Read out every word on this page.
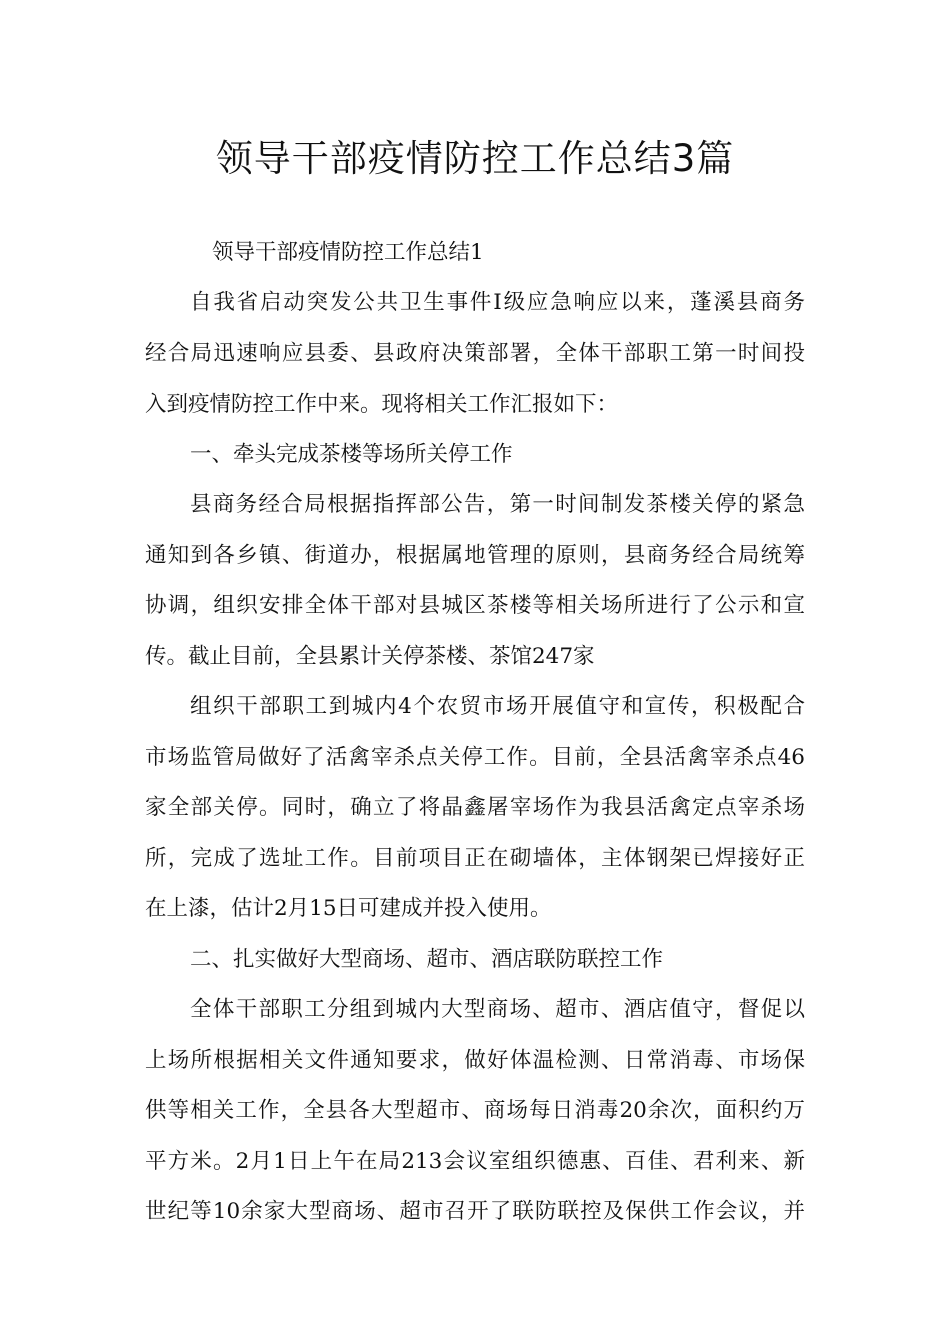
领导干部疫情防控工作总结3篇
领导干部疫情防控工作总结1
自我省启动突发公共卫生事件Ⅰ级应急响应以来，蓬溪县商务
经合局迅速响应县委、县政府决策部署，全体干部职工第一时间投
入到疫情防控工作中来。现将相关工作汇报如下：
一、牵头完成茶楼等场所关停工作
县商务经合局根据指挥部公告，第一时间制发茶楼关停的紧急
通知到各乡镇、街道办，根据属地管理的原则，县商务经合局统筹
协调，组织安排全体干部对县城区茶楼等相关场所进行了公示和宣
传。截止目前，全县累计关停茶楼、茶馆247家
组织干部职工到城内4个农贸市场开展值守和宣传，积极配合
市场监管局做好了活禽宰杀点关停工作。目前，全县活禽宰杀点46
家全部关停。同时，确立了将晶鑫屠宰场作为我县活禽定点宰杀场
所，完成了选址工作。目前项目正在砌墙体，主体钢架已焊接好正
在上漆，估计2月15日可建成并投入使用。
二、扎实做好大型商场、超市、酒店联防联控工作
全体干部职工分组到城内大型商场、超市、酒店值守，督促以
上场所根据相关文件通知要求，做好体温检测、日常消毒、市场保
供等相关工作，全县各大型超市、商场每日消毒20余次，面积约万
平方米。2月1日上午在局213会议室组织德惠、百佳、君利来、新
世纪等10余家大型商场、超市召开了联防联控及保供工作会议，并
